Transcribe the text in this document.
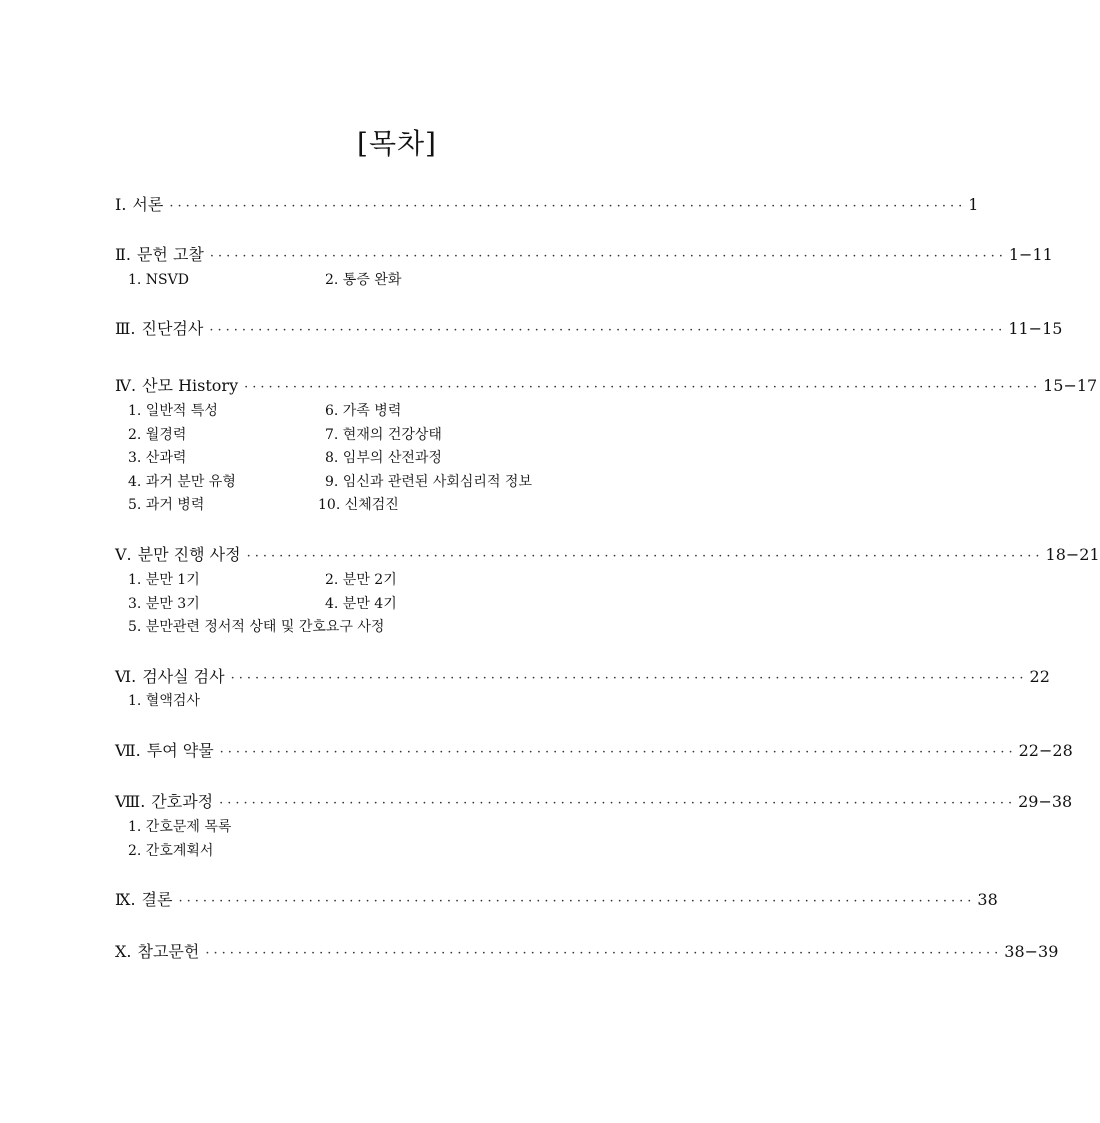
[목차]
Ⅰ. 서론 ·································································································· 1
Ⅱ. 문헌 고찰 ·································································································· 1−11
1. NSVD	2. 통증 완화
Ⅲ. 진단검사 ·································································································· 11−15
Ⅳ. 산모 History ·································································································· 15−17
1. 일반적 특성	6. 가족 병력
2. 월경력	7. 현재의 건강상태
3. 산과력	8. 임부의 산전과정
4. 과거 분만 유형	9. 임신과 관련된 사회심리적 정보
5. 과거 병력	10. 신체검진
Ⅴ. 분만 진행 사정 ·································································································· 18−21
1. 분만 1기	2. 분만 2기
3. 분만 3기	4. 분만 4기
5. 분만관련 정서적 상태 및 간호요구 사정
Ⅵ. 검사실 검사 ·································································································· 22
1. 혈액검사
Ⅶ. 투여 약물 ·································································································· 22−28
Ⅷ. 간호과정 ·································································································· 29−38
1. 간호문제 목록
2. 간호계획서
Ⅸ. 결론 ·································································································· 38
Ⅹ. 참고문헌 ·································································································· 38−39
